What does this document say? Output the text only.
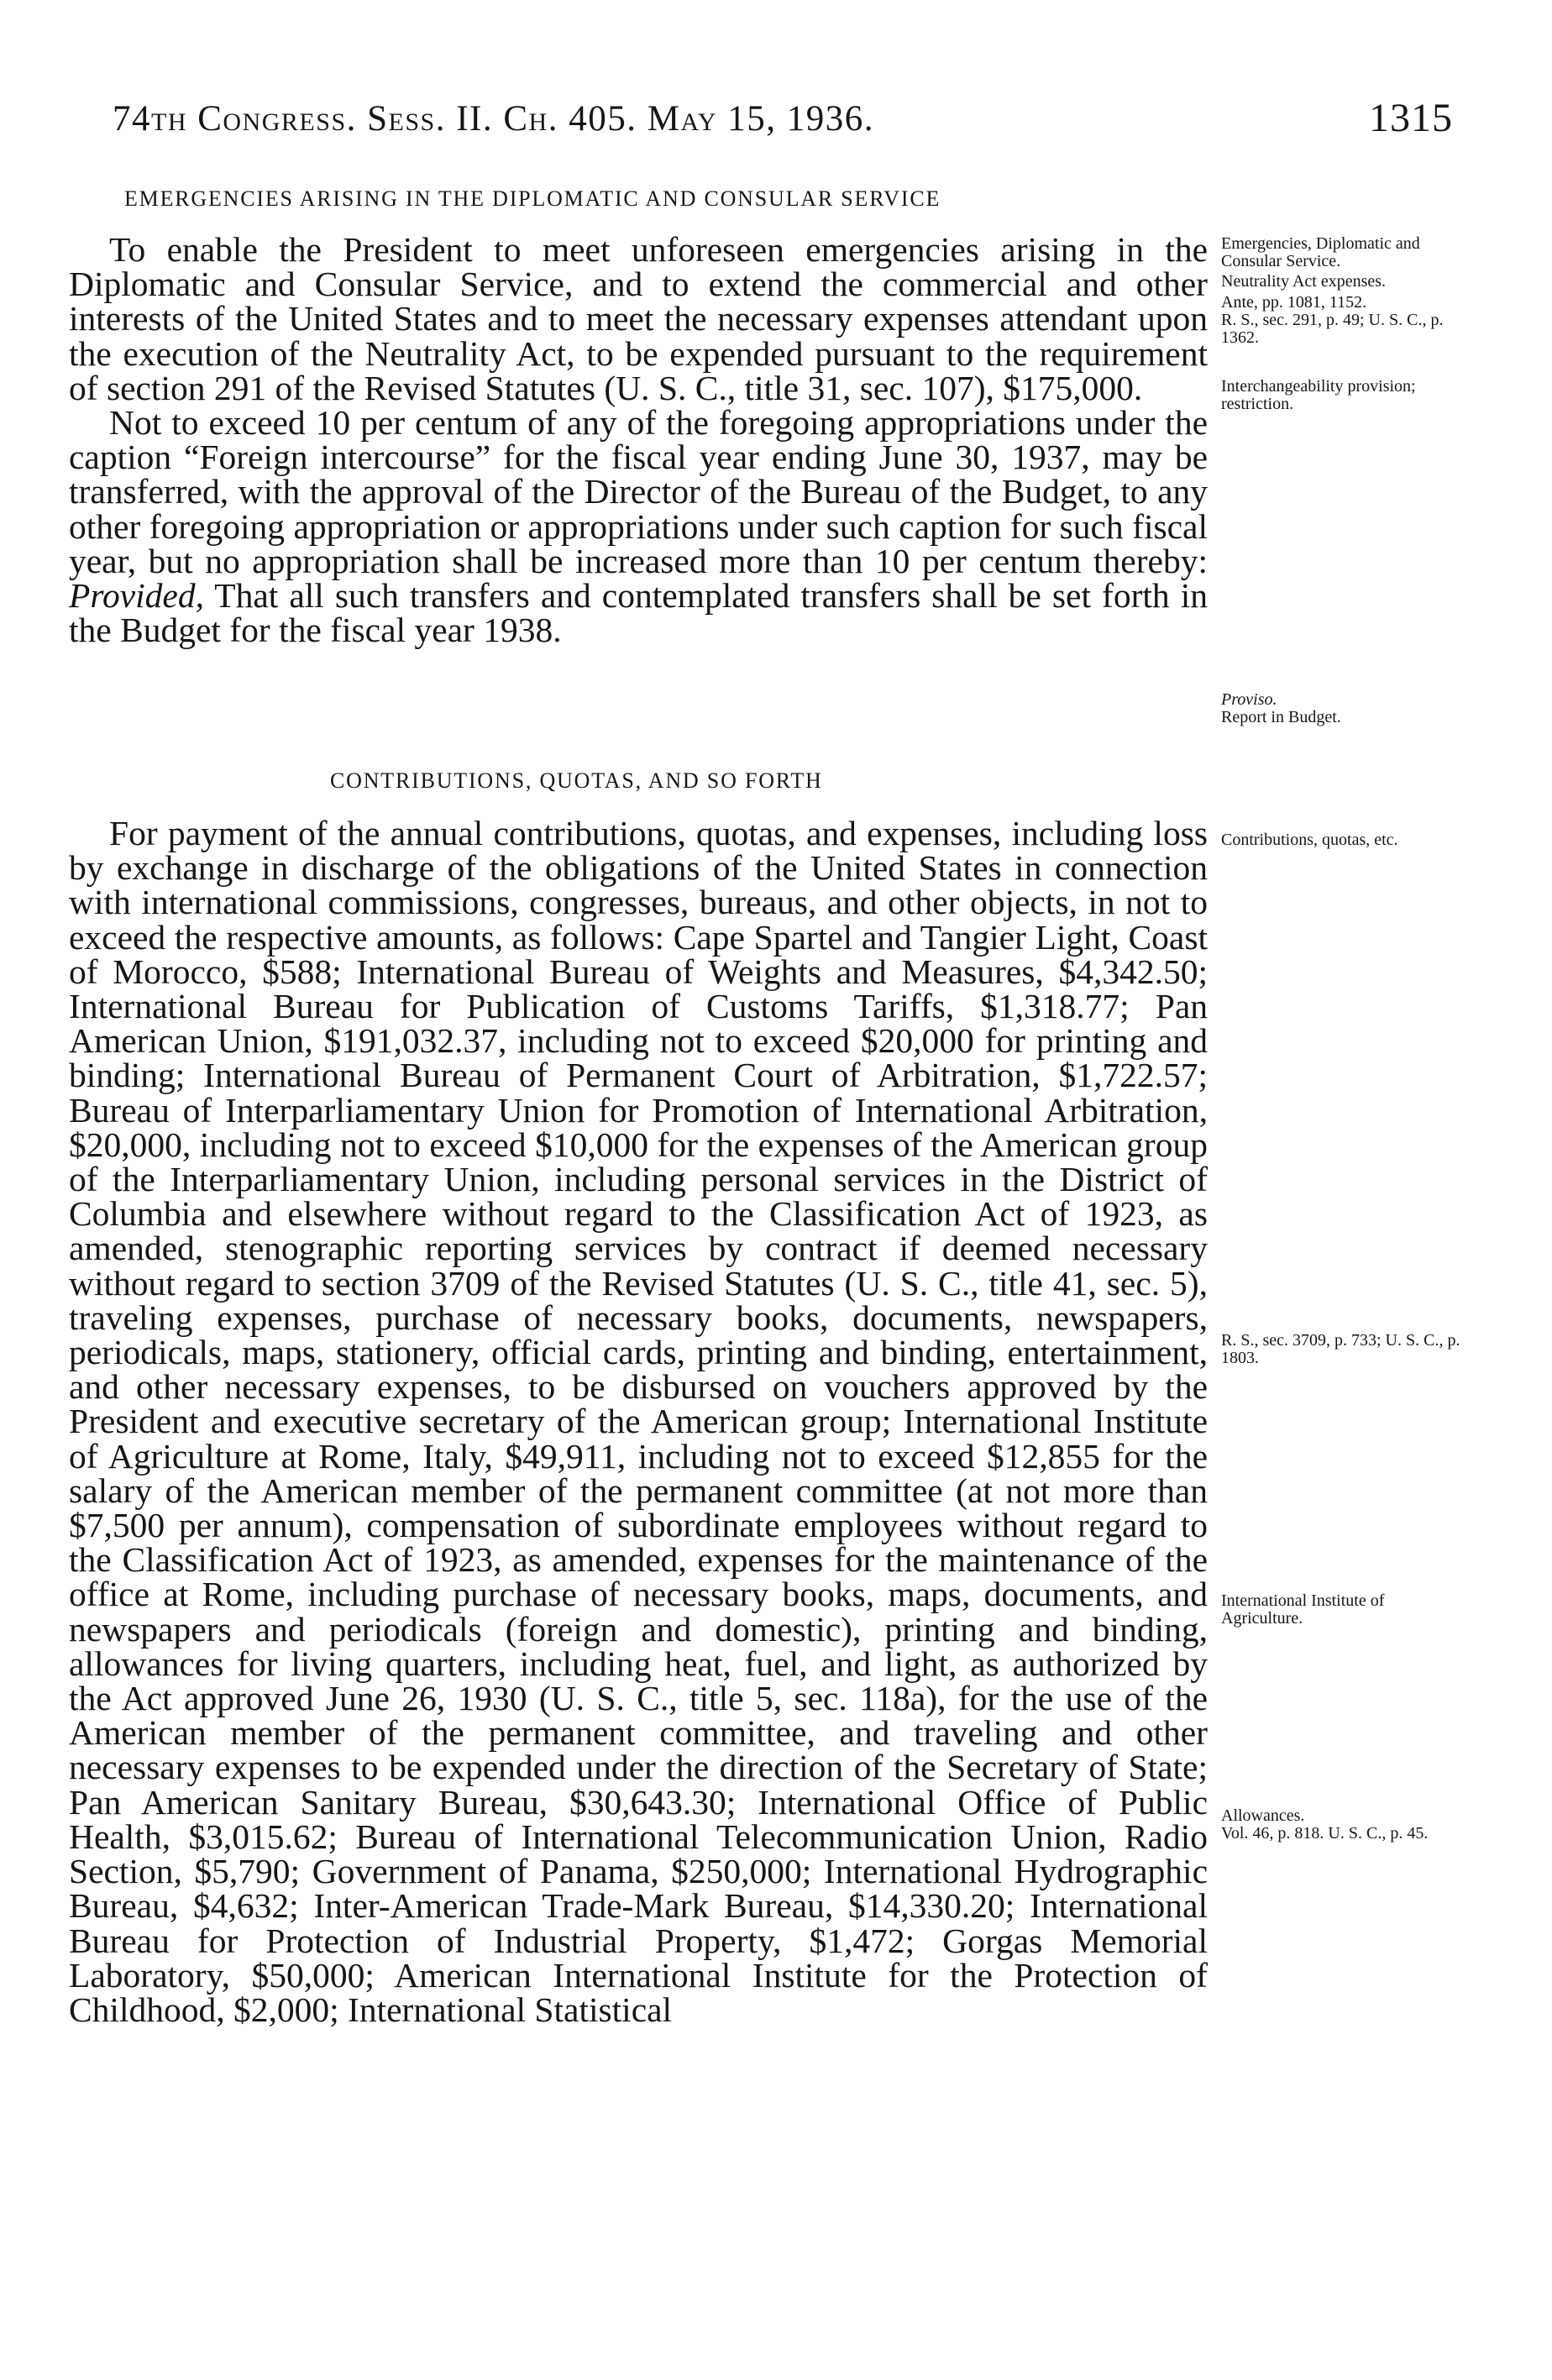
74th Congress. Sess. II. Ch. 405. May 15, 1936.	1315
EMERGENCIES ARISING IN THE DIPLOMATIC AND CONSULAR SERVICE

To enable the President to meet unforeseen emergencies arising in the Diplomatic and Consular Service, and to extend the commercial and other interests of the United States and to meet the necessary expenses attendant upon the execution of the Neutrality Act, to be expended pursuant to the requirement of section 291 of the Revised Statutes (U. S. C., title 31, sec. 107), $175,000.

Not to exceed 10 per centum of any of the foregoing appropriations under the caption “Foreign intercourse” for the fiscal year ending June 30, 1937, may be transferred, with the approval of the Director of the Bureau of the Budget, to any other foregoing appropriation or appropriations under such caption for such fiscal year, but no appropriation shall be increased more than 10 per centum thereby: Provided, That all such transfers and contemplated transfers shall be set forth in the Budget for the fiscal year 1938.

CONTRIBUTIONS, QUOTAS, AND SO FORTH

For payment of the annual contributions, quotas, and expenses, including loss by exchange in discharge of the obligations of the United States in connection with international commissions, congresses, bureaus, and other objects, in not to exceed the respective amounts, as follows: Cape Spartel and Tangier Light, Coast of Morocco, $588; International Bureau of Weights and Measures, $4,342.50; International Bureau for Publication of Customs Tariffs, $1,318.77; Pan American Union, $191,032.37, including not to exceed $20,000 for printing and binding; International Bureau of Permanent Court of Arbitration, $1,722.57; Bureau of Interparliamentary Union for Promotion of International Arbitration, $20,000, including not to exceed $10,000 for the expenses of the American group of the Interparliamentary Union, including personal services in the District of Columbia and elsewhere without regard to the Classification Act of 1923, as amended, stenographic reporting services by contract if deemed necessary without regard to section 3709 of the Revised Statutes (U. S. C., title 41, sec. 5), traveling expenses, purchase of necessary books, documents, newspapers, periodicals, maps, stationery, official cards, printing and binding, entertainment, and other necessary expenses, to be disbursed on vouchers approved by the President and executive secretary of the American group; International Institute of Agriculture at Rome, Italy, $49,911, including not to exceed $12,855 for the salary of the American member of the permanent committee (at not more than $7,500 per annum), compensation of subordinate employees without regard to the Classification Act of 1923, as amended, expenses for the maintenance of the office at Rome, including purchase of necessary books, maps, documents, and newspapers and periodicals (foreign and domestic), printing and binding, allowances for living quarters, including heat, fuel, and light, as authorized by the Act approved June 26, 1930 (U. S. C., title 5, sec. 118a), for the use of the American member of the permanent committee, and traveling and other necessary expenses to be expended under the direction of the Secretary of State; Pan American Sanitary Bureau, $30,643.30; International Office of Public Health, $3,015.62; Bureau of International Telecommunication Union, Radio Section, $5,790; Government of Panama, $250,000; International Hydrographic Bureau, $4,632; Inter-American Trade-Mark Bureau, $14,330.20; International Bureau for Protection of Industrial Property, $1,472; Gorgas Memorial Laboratory, $50,000; American International Institute for the Protection of Childhood, $2,000; International Statistical

Emergencies, Diplomatic and Consular Service.
Neutrality Act expenses.
Ante, pp. 1081, 1152.
R. S., sec. 291, p. 49; U. S. C., p. 1362.
Interchangeability provision; restriction.
Proviso.
Report in Budget.
Contributions, quotas, etc.
R. S., sec. 3709, p. 733; U. S. C., p. 1803.
International Institute of Agriculture.
Allowances.
Vol. 46, p. 818. U. S. C., p. 45.
